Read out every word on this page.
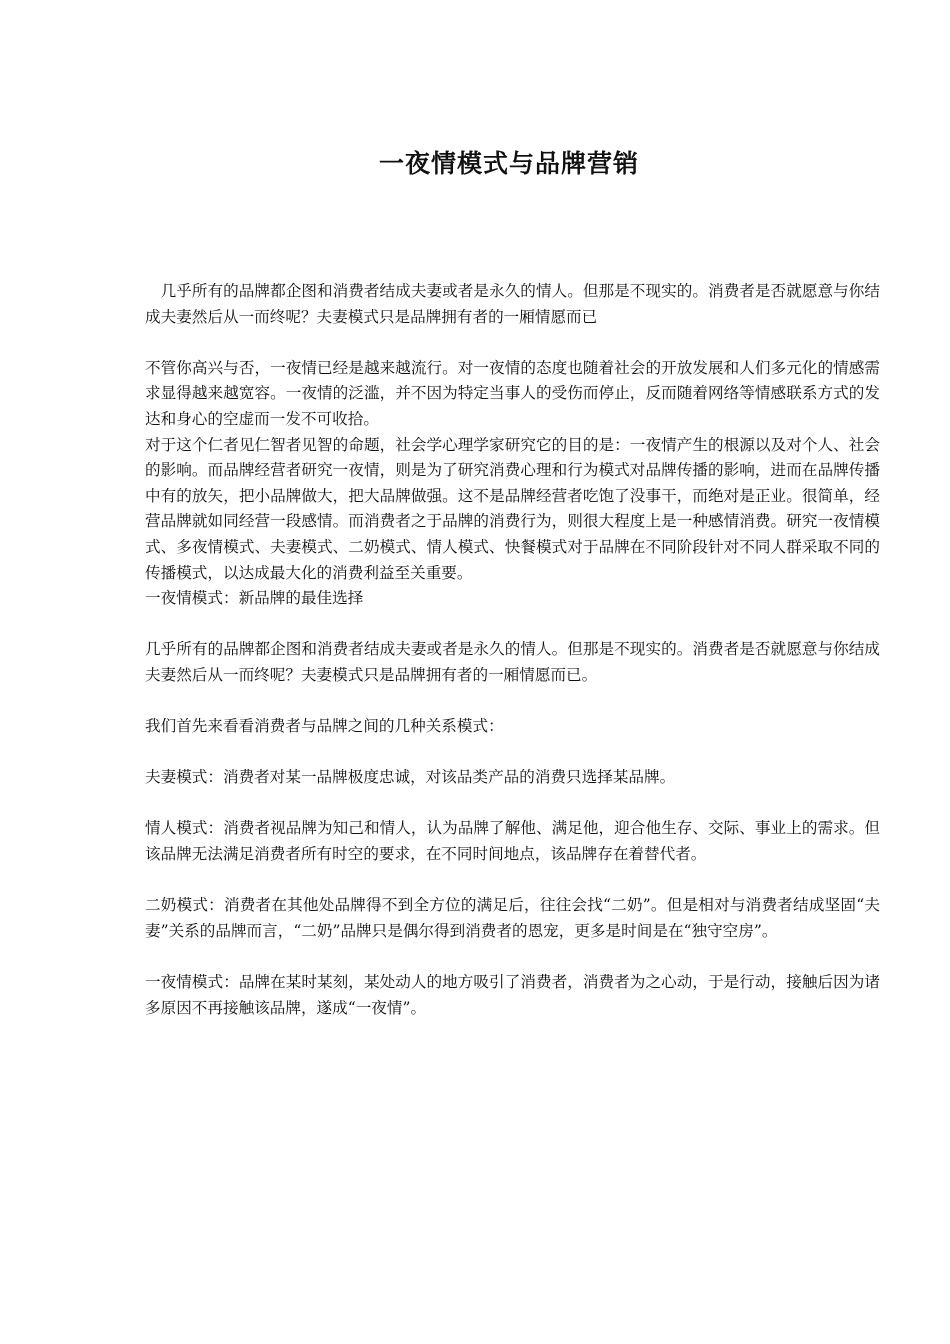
一夜情模式与品牌营销

几乎所有的品牌都企图和消费者结成夫妻或者是永久的情人。但那是不现实的。消费者是否就愿意与你结成夫妻然后从一而终呢？夫妻模式只是品牌拥有者的一厢情愿而已

不管你高兴与否，一夜情已经是越来越流行。对一夜情的态度也随着社会的开放发展和人们多元化的情感需求显得越来越宽容。一夜情的泛滥，并不因为特定当事人的受伤而停止，反而随着网络等情感联系方式的发达和身心的空虚而一发不可收拾。

对于这个仁者见仁智者见智的命题，社会学心理学家研究它的目的是：一夜情产生的根源以及对个人、社会的影响。而品牌经营者研究一夜情，则是为了研究消费心理和行为模式对品牌传播的影响，进而在品牌传播中有的放矢，把小品牌做大，把大品牌做强。这不是品牌经营者吃饱了没事干，而绝对是正业。很简单，经营品牌就如同经营一段感情。而消费者之于品牌的消费行为，则很大程度上是一种感情消费。研究一夜情模式、多夜情模式、夫妻模式、二奶模式、情人模式、快餐模式对于品牌在不同阶段针对不同人群采取不同的传播模式，以达成最大化的消费利益至关重要。

一夜情模式：新品牌的最佳选择

几乎所有的品牌都企图和消费者结成夫妻或者是永久的情人。但那是不现实的。消费者是否就愿意与你结成夫妻然后从一而终呢？夫妻模式只是品牌拥有者的一厢情愿而已。

我们首先来看看消费者与品牌之间的几种关系模式：

夫妻模式：消费者对某一品牌极度忠诚，对该品类产品的消费只选择某品牌。

情人模式：消费者视品牌为知己和情人，认为品牌了解他、满足他，迎合他生存、交际、事业上的需求。但该品牌无法满足消费者所有时空的要求，在不同时间地点，该品牌存在着替代者。

二奶模式：消费者在其他处品牌得不到全方位的满足后，往往会找“二奶”。但是相对与消费者结成坚固“夫妻”关系的品牌而言，“二奶”品牌只是偶尔得到消费者的恩宠，更多是时间是在“独守空房”。

一夜情模式：品牌在某时某刻，某处动人的地方吸引了消费者，消费者为之心动，于是行动，接触后因为诸多原因不再接触该品牌，遂成“一夜情”。
